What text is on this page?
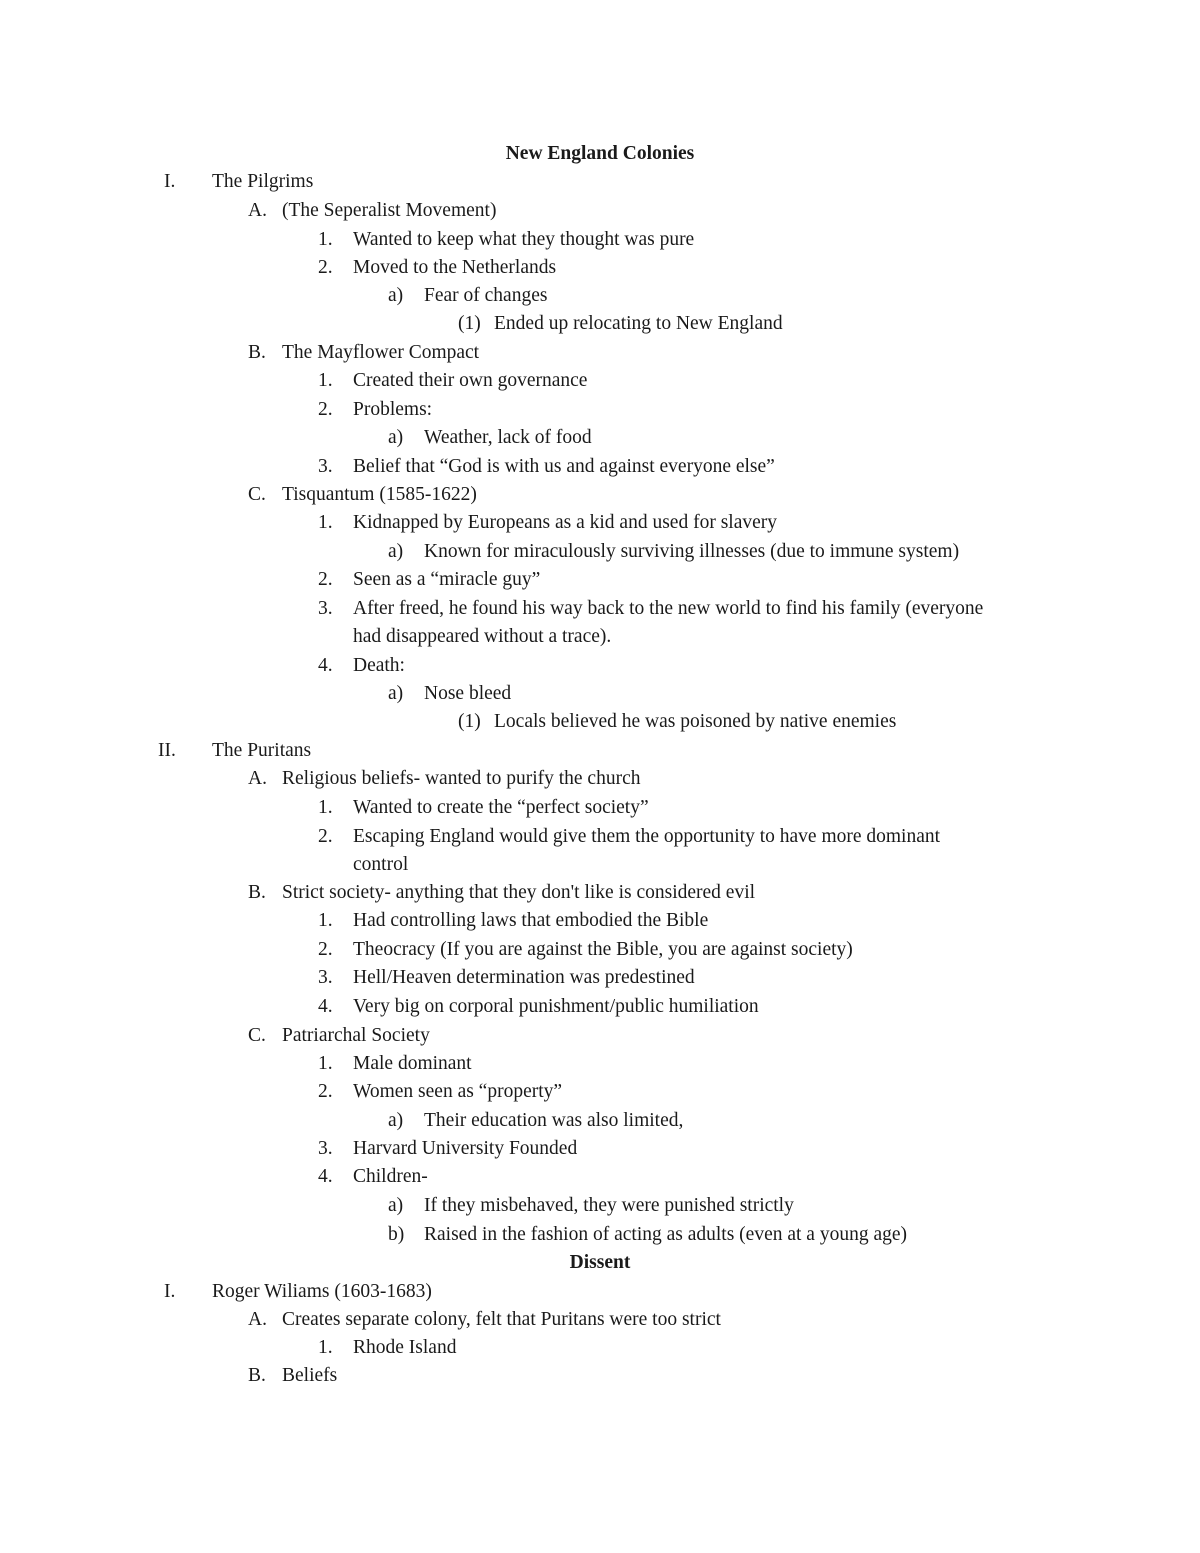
New England Colonies
I. The Pilgrims
A. (The Seperalist Movement)
1. Wanted to keep what they thought was pure
2. Moved to the Netherlands
a) Fear of changes
(1) Ended up relocating to New England
B. The Mayflower Compact
1. Created their own governance
2. Problems:
a) Weather, lack of food
3. Belief that “God is with us and against everyone else”
C. Tisquantum (1585-1622)
1. Kidnapped by Europeans as a kid and used for slavery
a) Known for miraculously surviving illnesses (due to immune system)
2. Seen as a “miracle guy”
3. After freed, he found his way back to the new world to find his family (everyone
had disappeared without a trace).
4. Death:
a) Nose bleed
(1) Locals believed he was poisoned by native enemies
II. The Puritans
A. Religious beliefs- wanted to purify the church
1. Wanted to create the “perfect society”
2. Escaping England would give them the opportunity to have more dominant
control
B. Strict society- anything that they don't like is considered evil
1. Had controlling laws that embodied the Bible
2. Theocracy (If you are against the Bible, you are against society)
3. Hell/Heaven determination was predestined
4. Very big on corporal punishment/public humiliation
C. Patriarchal Society
1. Male dominant
2. Women seen as “property”
a) Their education was also limited,
3. Harvard University Founded
4. Children-
a) If they misbehaved, they were punished strictly
b) Raised in the fashion of acting as adults (even at a young age)
Dissent
I. Roger Wiliams (1603-1683)
A. Creates separate colony, felt that Puritans were too strict
1. Rhode Island
B. Beliefs
